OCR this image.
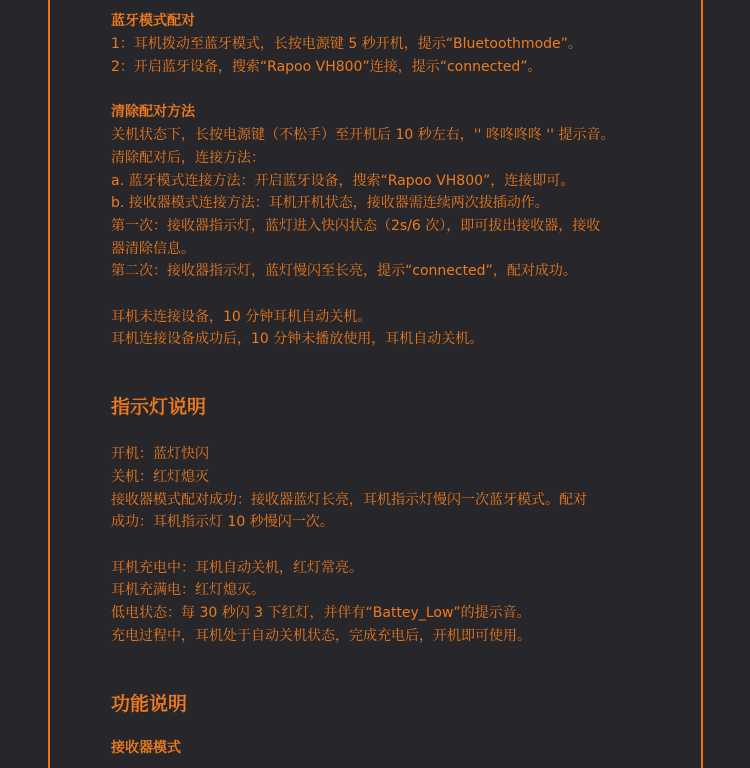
蓝牙模式配对

1：耳机拨动至蓝牙模式，长按电源键 5 秒开机，提示“Bluetoothmode”。

2：开启蓝牙设备，搜索“Rapoo VH800”连接，提示“connected”。

清除配对方法

关机状态下，长按电源键（不松手）至开机后 10 秒左右，'' 咚咚咚咚 '' 提示音。

清除配对后，连接方法：

a. 蓝牙模式连接方法：开启蓝牙设备，搜索“Rapoo VH800”，连接即可。

b. 接收器模式连接方法：耳机开机状态，接收器需连续两次拔插动作。

第一次：接收器指示灯，蓝灯进入快闪状态（2s/6 次），即可拔出接收器，接收

器清除信息。

第二次：接收器指示灯，蓝灯慢闪至长亮，提示“connected”，配对成功。

耳机未连接设备，10 分钟耳机自动关机。

耳机连接设备成功后，10 分钟未播放使用，耳机自动关机。

指示灯说明

开机：蓝灯快闪

关机：红灯熄灭

接收器模式配对成功：接收器蓝灯长亮，耳机指示灯慢闪一次蓝牙模式。配对

成功：耳机指示灯 10 秒慢闪一次。

耳机充电中：耳机自动关机，红灯常亮。

耳机充满电：红灯熄灭。

低电状态：每 30 秒闪 3 下红灯，并伴有“Battey_Low”的提示音。

充电过程中，耳机处于自动关机状态，完成充电后，开机即可使用。

功能说明

接收器模式
